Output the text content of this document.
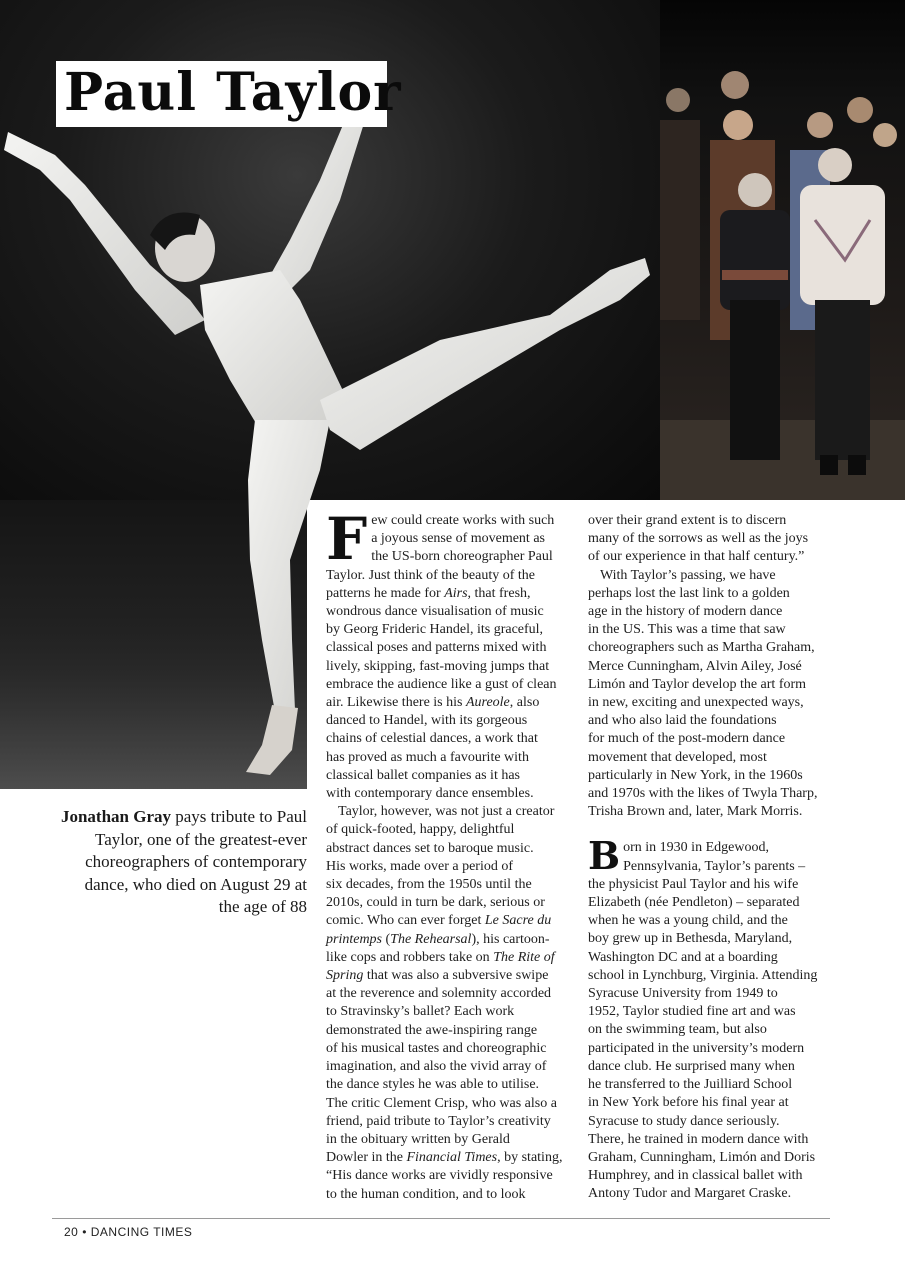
Paul Taylor
Jonathan Gray pays tribute to Paul Taylor, one of the greatest-ever choreographers of contemporary dance, who died on August 29 at the age of 88
F ew could create works with such
a joyous sense of movement as
the US-born choreographer Paul
Taylor. Just think of the beauty of the
patterns he made for Airs, that fresh,
wondrous dance visualisation of music
by Georg Frideric Handel, its graceful,
classical poses and patterns mixed with
lively, skipping, fast-moving jumps that
embrace the audience like a gust of clean
air. Likewise there is his Aureole, also
danced to Handel, with its gorgeous
chains of celestial dances, a work that
has proved as much a favourite with
classical ballet companies as it has
with contemporary dance ensembles.
Taylor, however, was not just a creator
of quick-footed, happy, delightful
abstract dances set to baroque music.
His works, made over a period of
six decades, from the 1950s until the
2010s, could in turn be dark, serious or
comic. Who can ever forget Le Sacre du
printemps (The Rehearsal), his cartoon-
like cops and robbers take on The Rite of
Spring that was also a subversive swipe
at the reverence and solemnity accorded
to Stravinsky’s ballet? Each work
demonstrated the awe-inspiring range
of his musical tastes and choreographic
imagination, and also the vivid array of
the dance styles he was able to utilise.
The critic Clement Crisp, who was also a
friend, paid tribute to Taylor’s creativity
in the obituary written by Gerald
Dowler in the Financial Times, by stating,
“His dance works are vividly responsive
to the human condition, and to look
over their grand extent is to discern
many of the sorrows as well as the joys
of our experience in that half century.”
With Taylor’s passing, we have
perhaps lost the last link to a golden
age in the history of modern dance
in the US. This was a time that saw
choreographers such as Martha Graham,
Merce Cunningham, Alvin Ailey, José
Limón and Taylor develop the art form
in new, exciting and unexpected ways,
and who also laid the foundations
for much of the post-modern dance
movement that developed, most
particularly in New York, in the 1960s
and 1970s with the likes of Twyla Tharp,
Trisha Brown and, later, Mark Morris.
B orn in 1930 in Edgewood,
Pennsylvania, Taylor’s parents –
the physicist Paul Taylor and his wife
Elizabeth (née Pendleton) – separated
when he was a young child, and the
boy grew up in Bethesda, Maryland,
Washington DC and at a boarding
school in Lynchburg, Virginia. Attending
Syracuse University from 1949 to
1952, Taylor studied fine art and was
on the swimming team, but also
participated in the university’s modern
dance club. He surprised many when
he transferred to the Juilliard School
in New York before his final year at
Syracuse to study dance seriously.
There, he trained in modern dance with
Graham, Cunningham, Limón and Doris
Humphrey, and in classical ballet with
Antony Tudor and Margaret Craske.
20 • DANCING TIMES
